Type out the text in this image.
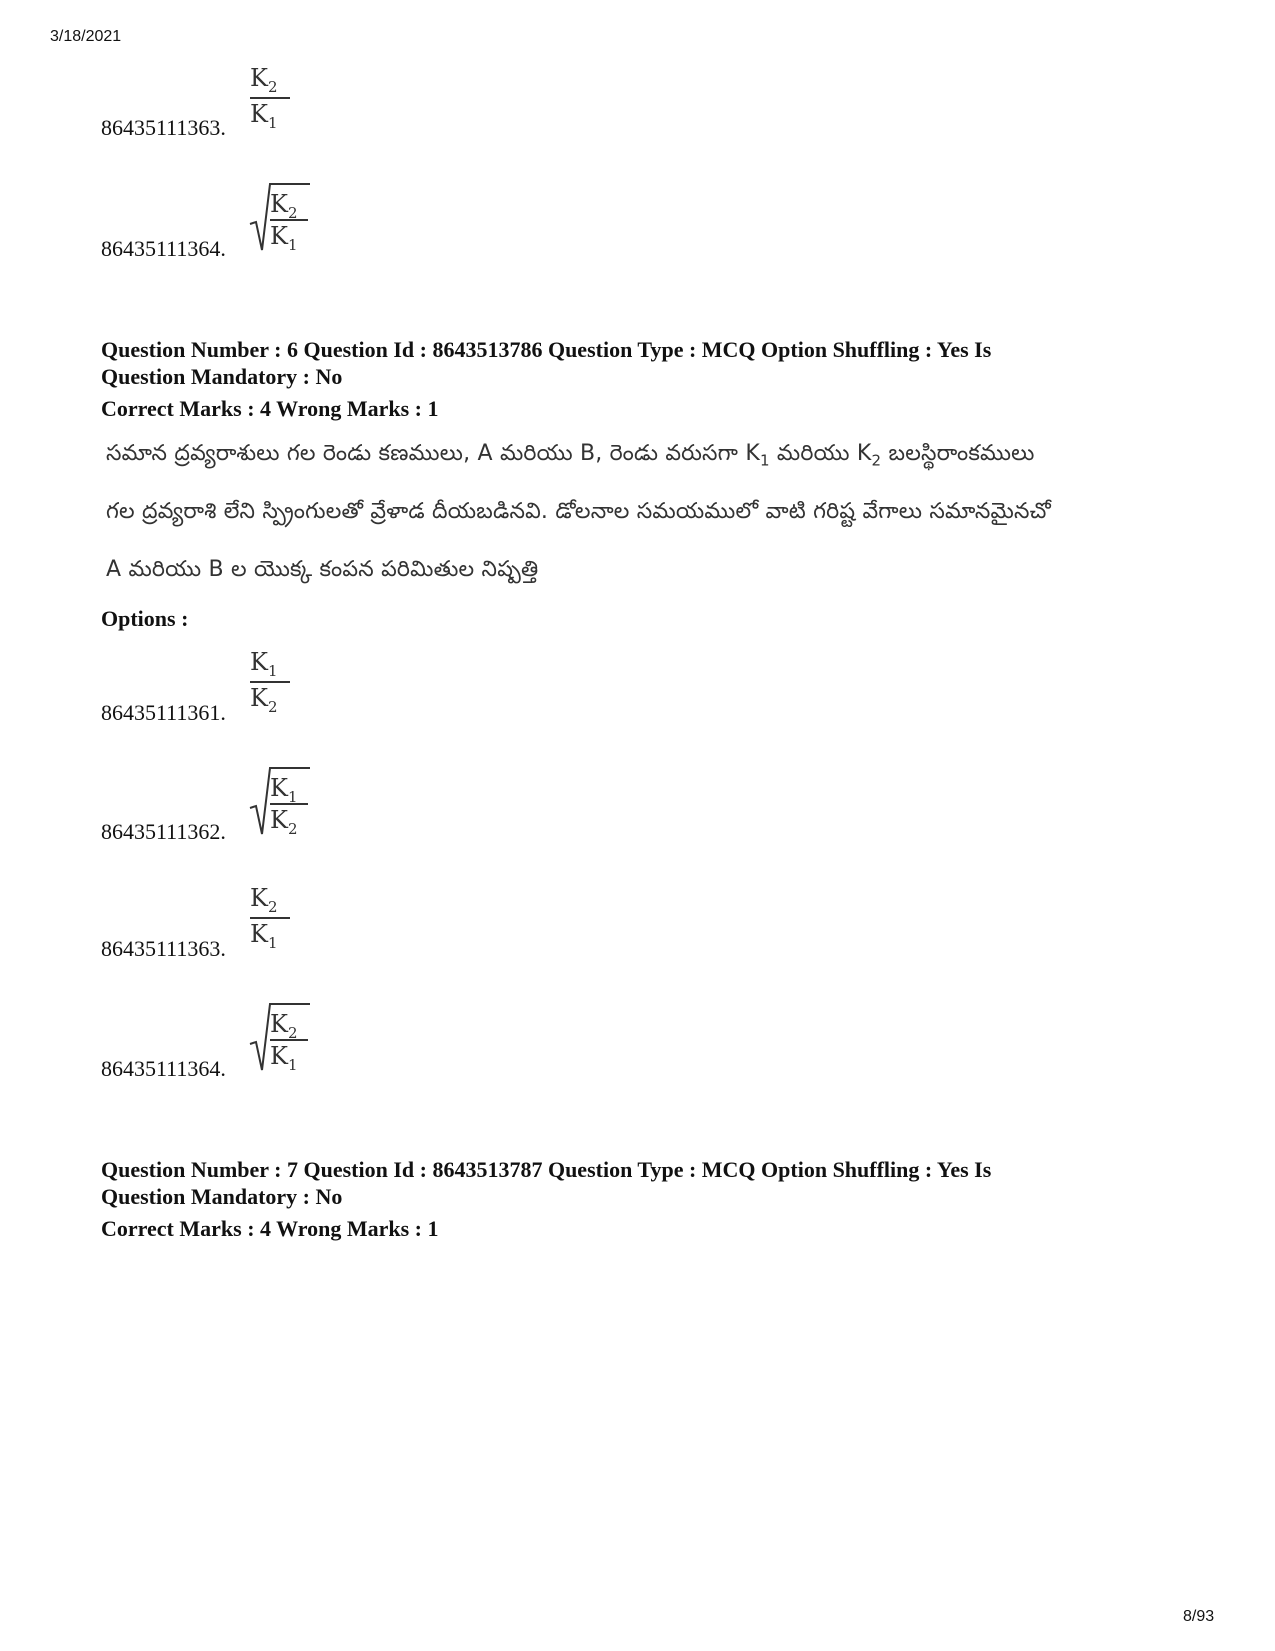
3/18/2021
86435111363.
$K_2$
$K_1$
86435111364.
$K_2$
$K_1$
Question Number : 6 Question Id : 8643513786 Question Type : MCQ Option Shuffling : Yes Is
Question Mandatory : No
Correct Marks : 4 Wrong Marks : 1
సమాన ద్రవ్యరాశులు గల రెండు కణములు, A మరియు B, రెండు వరుసగా $K_1$ మరియు $K_2$ బలస్థిరాంకములు
గల ద్రవ్యరాశి లేని స్ప్రింగులతో వ్రేళాడ దీయబడినవి. డోలనాల సమయములో వాటి గరిష్ట వేగాలు సమానమైనచో
A మరియు B ల యొక్క కంపన పరిమితుల నిష్పత్తి
Options :
86435111361.
$K_1$
$K_2$
86435111362.
$K_1$
$K_2$
86435111363.
$K_2$
$K_1$
86435111364.
$K_2$
$K_1$
Question Number : 7 Question Id : 8643513787 Question Type : MCQ Option Shuffling : Yes Is
Question Mandatory : No
Correct Marks : 4 Wrong Marks : 1
8/93
